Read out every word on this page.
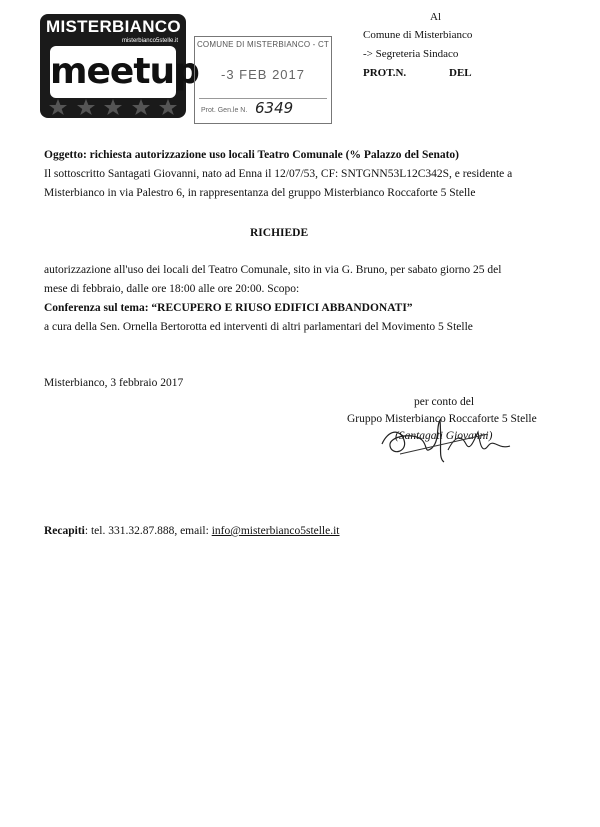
MISTERBIANCO
misterbianco5stelle.it
meetup
COMUNE DI MISTERBIANCO - CT
-3 FEB 2017
Prot. Gen.le N. 6349
Al
Comune di Misterbianco
-> Segreteria Sindaco
PROT.N.	DEL
Oggetto: richiesta autorizzazione uso locali Teatro Comunale (% Palazzo del Senato)
Il sottoscritto Santagati Giovanni, nato ad Enna il 12/07/53, CF: SNTGNN53L12C342S, e residente a
Misterbianco in via Palestro 6, in rappresentanza del gruppo Misterbianco Roccaforte 5 Stelle
RICHIEDE
autorizzazione all'uso dei locali del Teatro Comunale, sito in via G. Bruno, per sabato giorno 25 del
mese di febbraio, dalle ore 18:00 alle ore 20:00. Scopo:
Conferenza sul tema: “RECUPERO E RIUSO EDIFICI ABBANDONATI”
a cura della Sen. Ornella Bertorotta ed interventi di altri parlamentari del Movimento 5 Stelle
Misterbianco, 3 febbraio 2017
per conto del
Gruppo Misterbianco Roccaforte 5 Stelle
(Santagati Giovanni)
Recapiti: tel. 331.32.87.888, email: info@misterbianco5stelle.it
